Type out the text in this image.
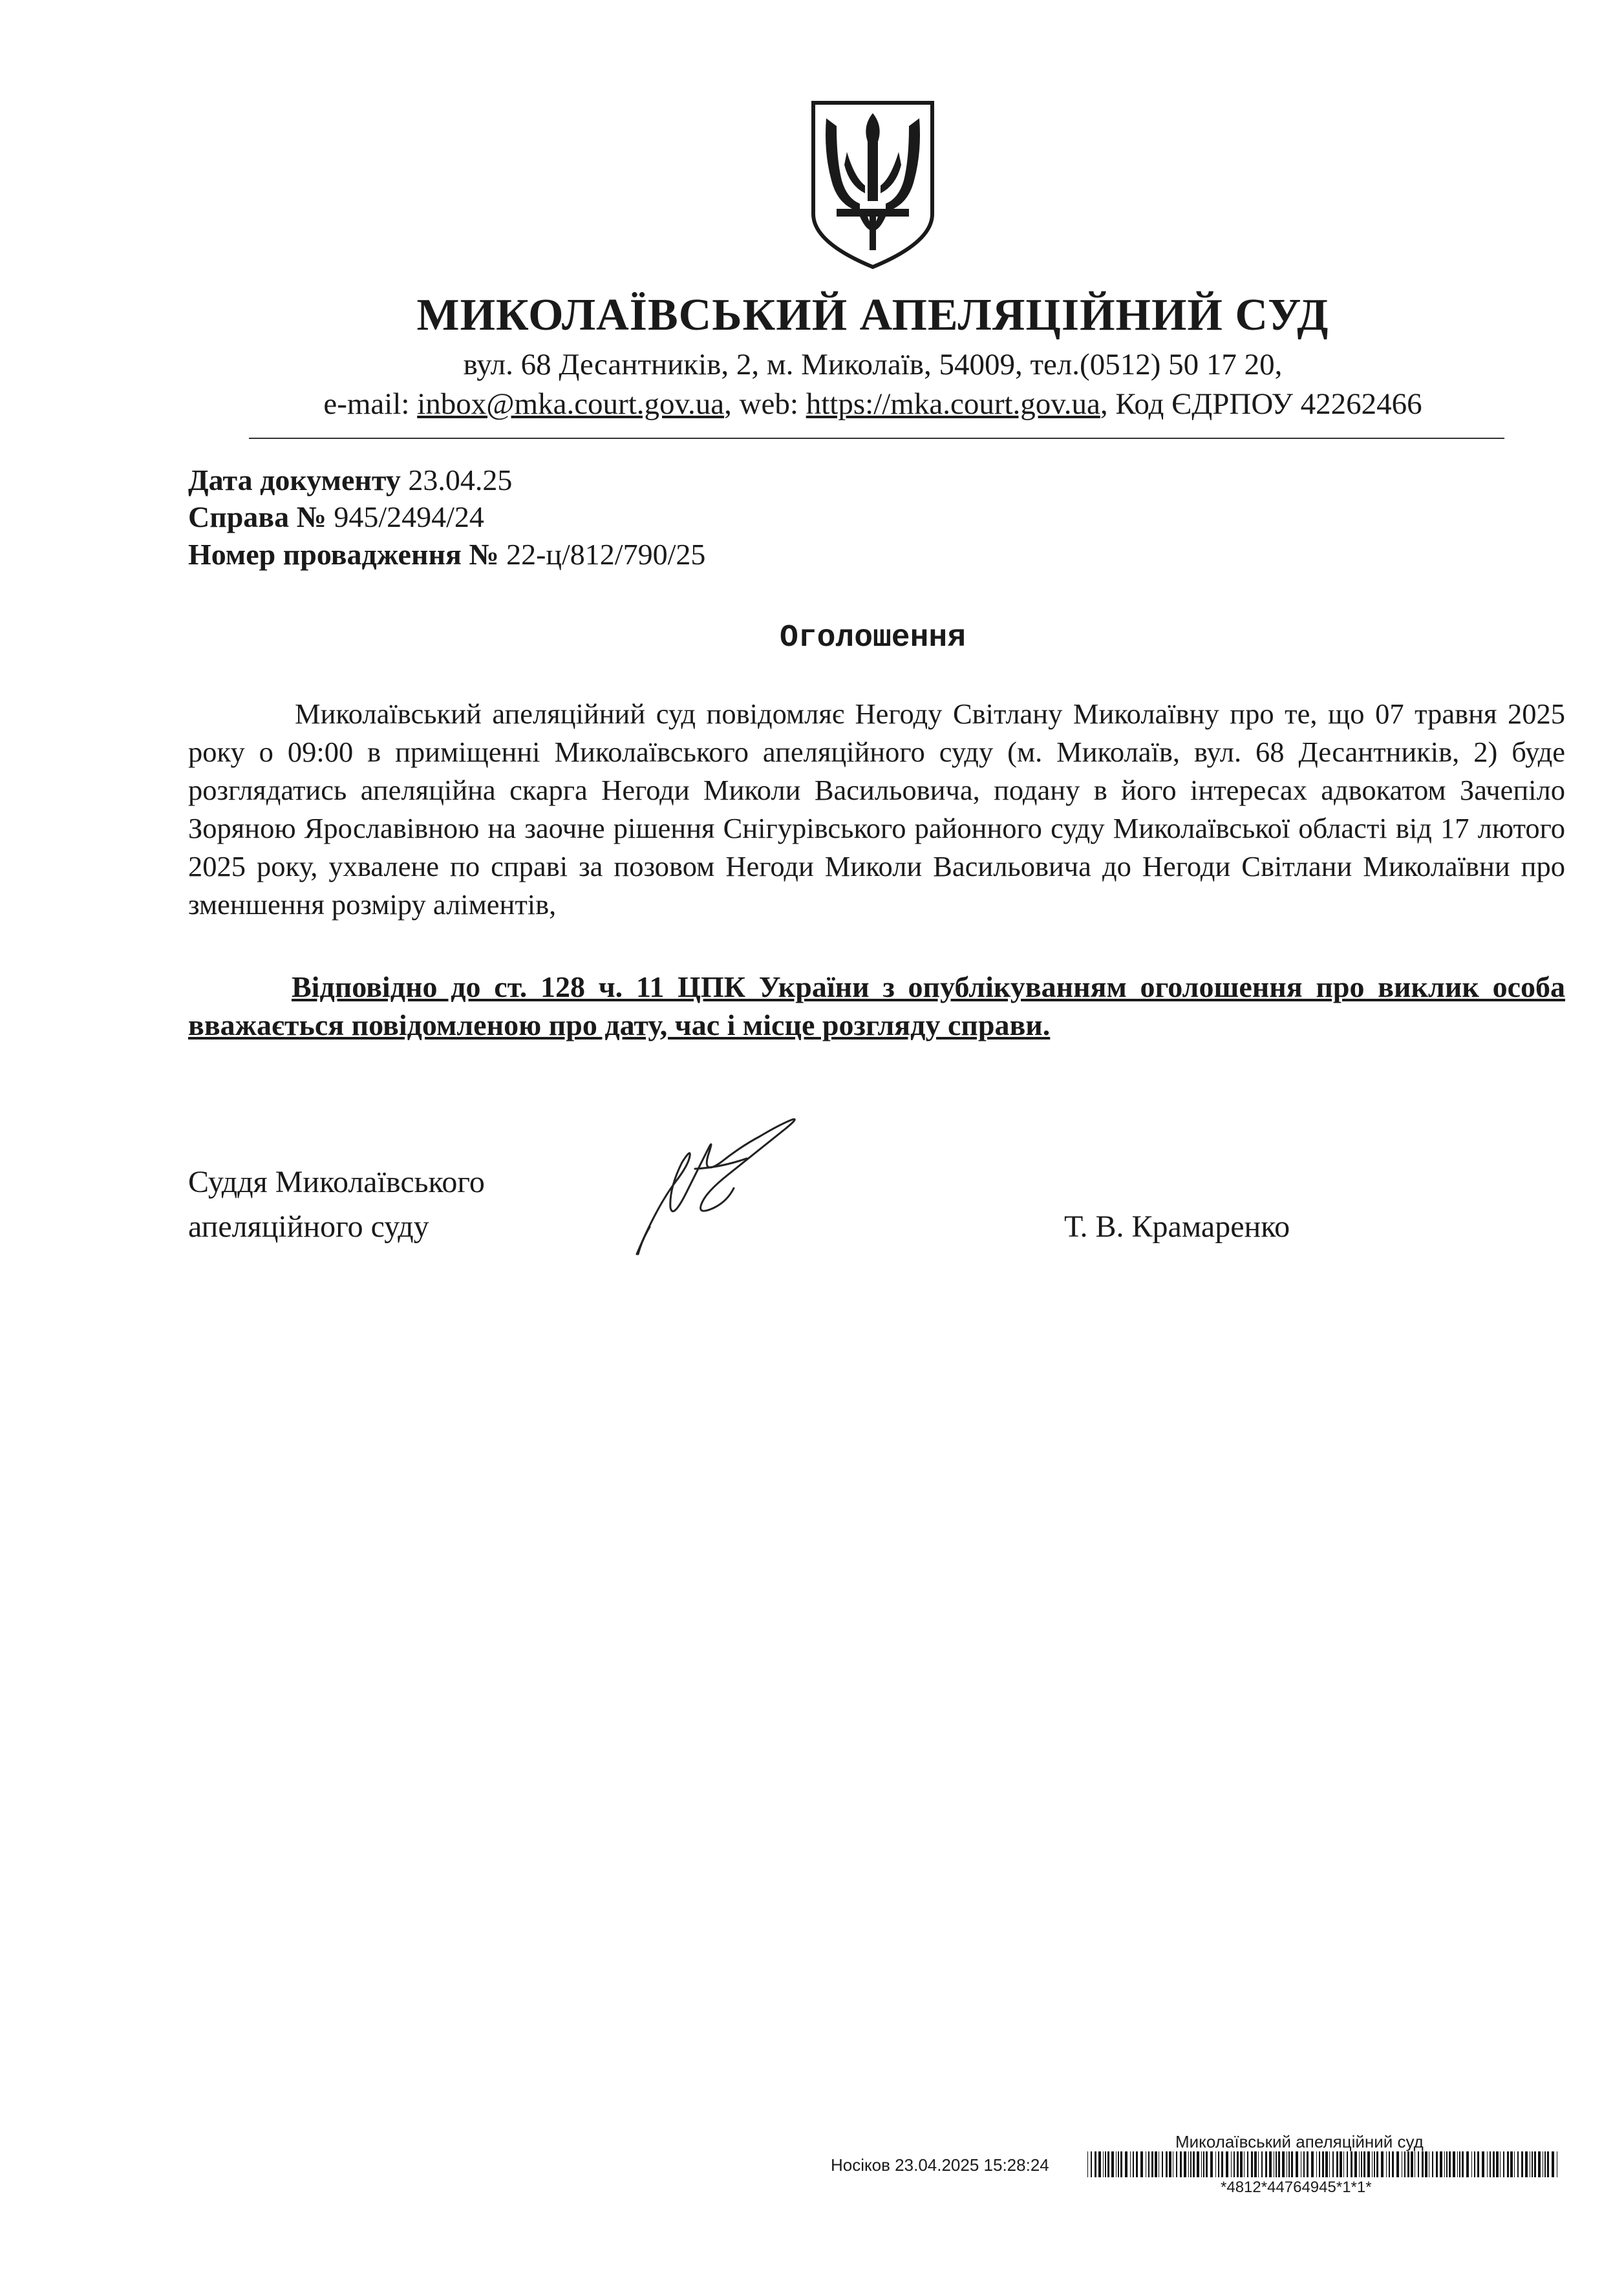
МИКОЛАЇВСЬКИЙ АПЕЛЯЦІЙНИЙ СУД
вул. 68 Десантників, 2, м. Миколаїв, 54009, тел.(0512) 50 17 20,
e-mail: inbox@mka.court.gov.ua, web: https://mka.court.gov.ua, Код ЄДРПОУ 42262466
Дата документу 23.04.25
Справа № 945/2494/24
Номер провадження № 22-ц/812/790/25
Оголошення

Миколаївський апеляційний суд повідомляє Негоду Світлану Миколаївну про те, що 07 травня 2025 року о 09:00 в приміщенні Миколаївського апеляційного суду (м. Миколаїв, вул. 68 Десантників, 2) буде розглядатись апеляційна скарга Негоди Миколи Васильовича, подану в його інтересах адвокатом Зачепіло Зоряною Ярославівною на заочне рішення Снігурівського районного суду Миколаївської області від 17 лютого 2025 року, ухвалене по справі за позовом Негоди Миколи Васильовича до Негоди Світлани Миколаївни про зменшення розміру аліментів,

Відповідно до ст. 128 ч. 11 ЦПК України з опублікуванням оголошення про виклик особа вважається повідомленою про дату, час і місце розгляду справи.

Суддя Миколаївського
апеляційного суду	Т. В. Крамаренко
Миколаївський апеляційний суд
Носіков 23.04.2025 15:28:24
*4812*44764945*1*1*
